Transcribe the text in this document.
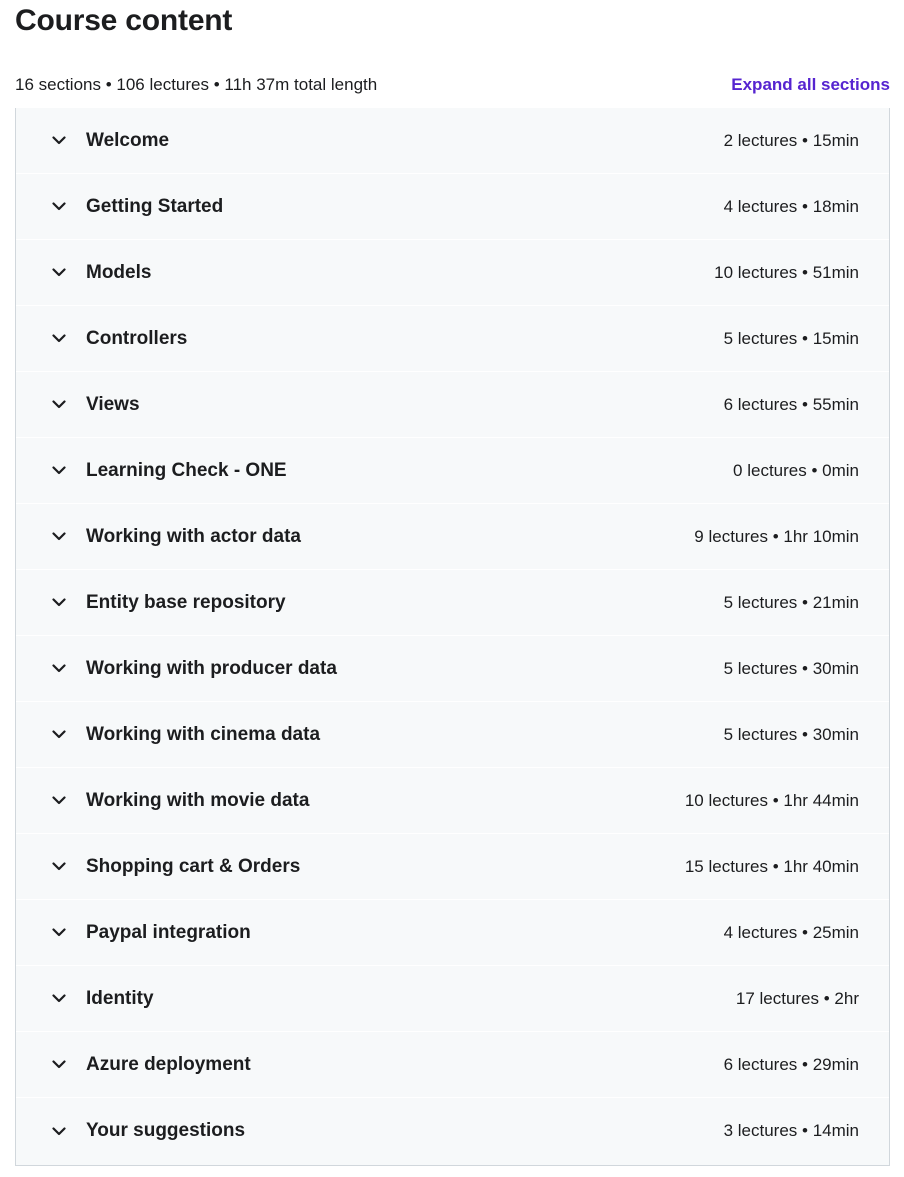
Course content
16 sections • 106 lectures • 11h 37m total length	Expand all sections
Welcome	2 lectures • 15min
Getting Started	4 lectures • 18min
Models	10 lectures • 51min
Controllers	5 lectures • 15min
Views	6 lectures • 55min
Learning Check - ONE	0 lectures • 0min
Working with actor data	9 lectures • 1hr 10min
Entity base repository	5 lectures • 21min
Working with producer data	5 lectures • 30min
Working with cinema data	5 lectures • 30min
Working with movie data	10 lectures • 1hr 44min
Shopping cart & Orders	15 lectures • 1hr 40min
Paypal integration	4 lectures • 25min
Identity	17 lectures • 2hr
Azure deployment	6 lectures • 29min
Your suggestions	3 lectures • 14min
